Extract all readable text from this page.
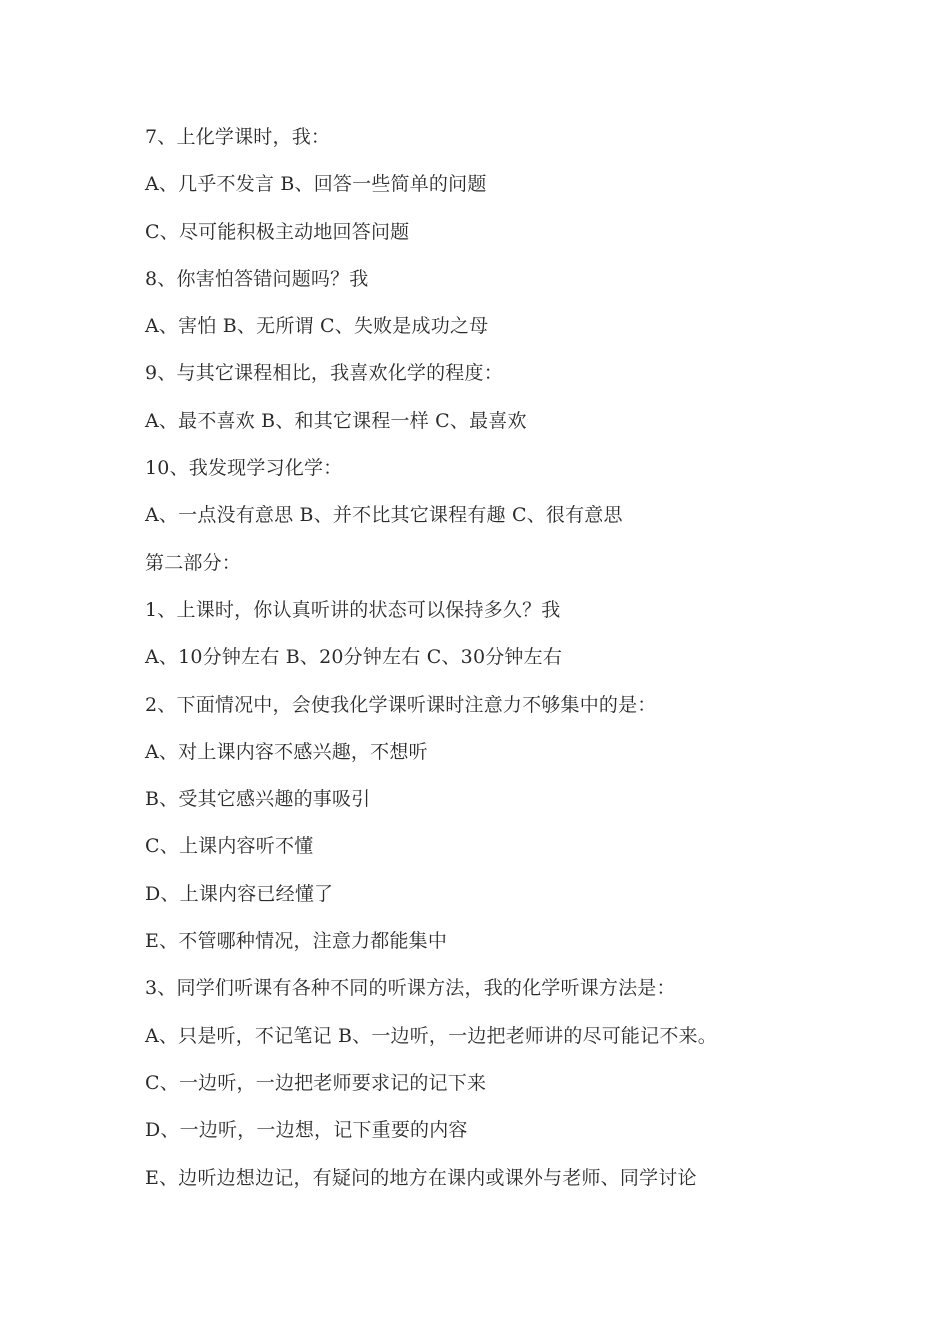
7、上化学课时，我：
A、几乎不发言 B、回答一些简单的问题
C、尽可能积极主动地回答问题
8、你害怕答错问题吗？我
A、害怕 B、无所谓 C、失败是成功之母
9、与其它课程相比，我喜欢化学的程度：
A、最不喜欢 B、和其它课程一样 C、最喜欢
10、我发现学习化学：
A、一点没有意思 B、并不比其它课程有趣 C、很有意思
第二部分：
1、上课时，你认真听讲的状态可以保持多久？我
A、10分钟左右 B、20分钟左右 C、30分钟左右
2、下面情况中，会使我化学课听课时注意力不够集中的是：
A、对上课内容不感兴趣，不想听
B、受其它感兴趣的事吸引
C、上课内容听不懂
D、上课内容已经懂了
E、不管哪种情况，注意力都能集中
3、同学们听课有各种不同的听课方法，我的化学听课方法是：
A、只是听，不记笔记 B、一边听，一边把老师讲的尽可能记不来。
C、一边听，一边把老师要求记的记下来
D、一边听，一边想，记下重要的内容
E、边听边想边记，有疑问的地方在课内或课外与老师、同学讨论
